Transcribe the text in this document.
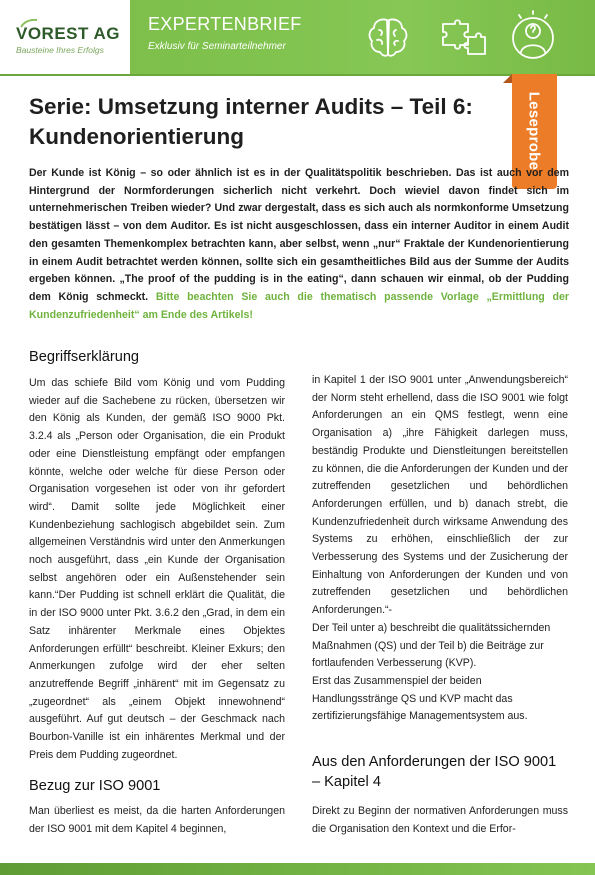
VOREST AG
Bausteine Ihres Erfolgs
EXPERTENBRIEF
Exklusiv für Seminarteilnehmer
Leseprobe
Serie: Umsetzung interner Audits – Teil 6: Kundenorientierung

Der Kunde ist König – so oder ähnlich ist es in der Qualitätspolitik beschrieben. Das ist auch vor dem Hintergrund der Normforderungen sicherlich nicht verkehrt. Doch wieviel davon findet sich im unternehmerischen Treiben wieder? Und zwar dergestalt, dass es sich auch als normkonforme Umsetzung bestätigen lässt – von dem Auditor. Es ist nicht ausgeschlossen, dass ein interner Auditor in einem Audit den gesamten Themenkomplex betrachten kann, aber selbst, wenn „nur“ Fraktale der Kundenorientierung in einem Audit betrachtet werden können, sollte sich ein gesamtheitliches Bild aus der Summe der Audits ergeben können. „The proof of the pudding is in the eating“, dann schauen wir einmal, ob der Pudding dem König schmeckt. Bitte beachten Sie auch die thematisch passende Vorlage „Ermittlung der Kundenzufriedenheit“ am Ende des Artikels!

Begriffserklärung

Um das schiefe Bild vom König und vom Pudding wieder auf die Sachebene zu rücken, übersetzen wir den König als Kunden, der gemäß ISO 9000 Pkt. 3.2.4 als „Person oder Organisation, die ein Produkt oder eine Dienstleistung empfängt oder empfangen könnte, welche oder welche für diese Person oder Organisation vorgesehen ist oder von ihr gefordert wird“. Damit sollte jede Möglichkeit einer Kundenbeziehung sachlogisch abgebildet sein. Zum allgemeinen Verständnis wird unter den Anmerkungen noch ausgeführt, dass „ein Kunde der Organisation selbst angehören oder ein Außenstehender sein kann.“Der Pudding ist schnell erklärt die Qualität, die in der ISO 9000 unter Pkt. 3.6.2 den „Grad, in dem ein Satz inhärenter Merkmale eines Objektes Anforderungen erfüllt“ beschreibt. Kleiner Exkurs; den Anmerkungen zufolge wird der eher selten anzutreffende Begriff „inhärent“ mit im Gegensatz zu „zugeordnet“ als „einem Objekt innewohnend“ ausgeführt. Auf gut deutsch – der Geschmack nach Bourbon-Vanille ist ein inhärentes Merkmal und der Preis dem Pudding zugeordnet.

Bezug zur ISO 9001

Man überliest es meist, da die harten Anforderungen der ISO 9001 mit dem Kapitel 4 beginnen,

in Kapitel 1 der ISO 9001 unter „Anwendungsbereich“ der Norm steht erhellend, dass die ISO 9001 wie folgt Anforderungen an ein QMS festlegt, wenn eine Organisation a) „ihre Fähigkeit darlegen muss, beständig Produkte und Dienstleitungen bereitstellen zu können, die die Anforderungen der Kunden und der zutreffenden gesetzlichen und behördlichen Anforderungen erfüllen, und b) danach strebt, die Kundenzufriedenheit durch wirksame Anwendung des Systems zu erhöhen, einschließlich der zur Verbesserung des Systems und der Zusicherung der Einhaltung von Anforderungen der Kunden und von zutreffenden gesetzlichen und behördlichen Anforderungen.“-

Der Teil unter a) beschreibt die qualitätssichernden Maßnahmen (QS) und der Teil b) die Beiträge zur fortlaufenden Verbesserung (KVP).

Erst das Zusammenspiel der beiden Handlungsstränge QS und KVP macht das zertifizierungsfähige Managementsystem aus.

Aus den Anforderungen der ISO 9001 – Kapitel 4

Direkt zu Beginn der normativen Anforderungen muss die Organisation den Kontext und die Erfor-
